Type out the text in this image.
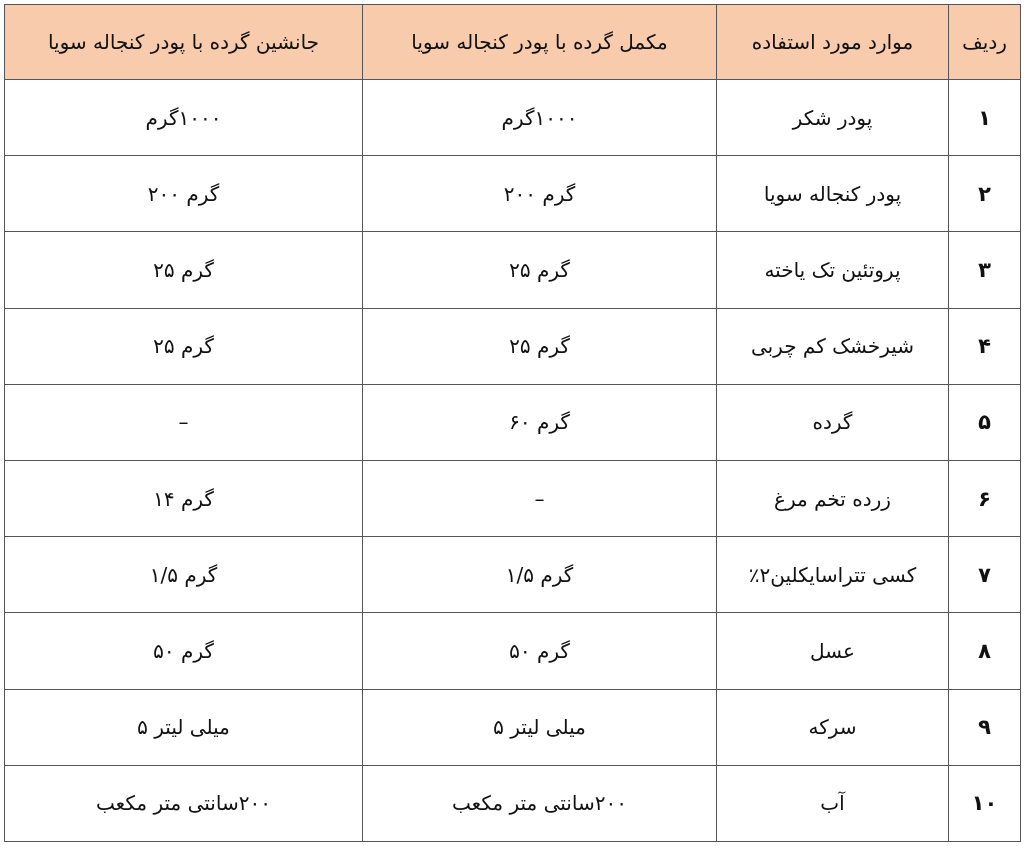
ردیف	موارد مورد استفاده	مکمل گرده با پودر کنجاله سویا	جانشین گرده با پودر کنجاله سویا
۱	پودر شکر	۱۰۰۰گرم	۱۰۰۰گرم
۲	پودر کنجاله سویا	گرم ۲۰۰	گرم ۲۰۰
۳	پروتئین تک یاخته	گرم ۲۵	گرم ۲۵
۴	شیرخشک کم چربی	گرم ۲۵	گرم ۲۵
۵	گرده	گرم ۶۰	–
۶	زرده تخم مرغ	–	گرم ۱۴
۷	کسی تتراسایکلین۲٪	گرم ۱/۵	گرم ۱/۵
۸	عسل	گرم ۵۰	گرم ۵۰
۹	سرکه	میلی لیتر ۵	میلی لیتر ۵
۱۰	آب	۲۰۰سانتی متر مکعب	۲۰۰سانتی متر مکعب
